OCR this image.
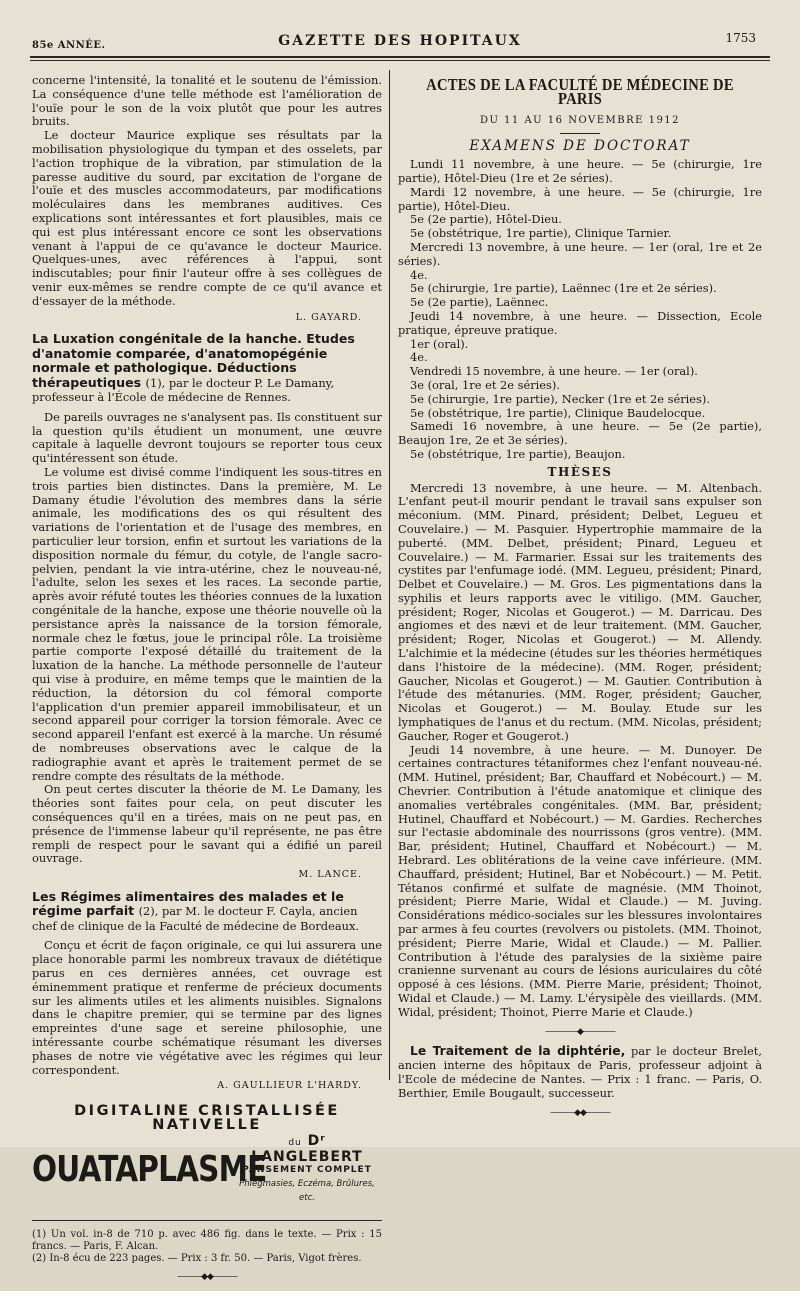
85e ANNÉE.	GAZETTE DES HOPITAUX	1753

concerne l'intensité, la tonalité et le soutenu de l'émission. La conséquence d'une telle méthode est l'amélioration de l'ouïe pour le son de la voix plutôt que pour les autres bruits.

Le docteur Maurice explique ses résultats par la mobilisation physiologique du tympan et des osselets, par l'action trophique de la vibration, par stimulation de la paresse auditive du sourd, par excitation de l'organe de l'ouïe et des muscles accommodateurs, par modifications moléculaires dans les membranes auditives. Ces explications sont intéressantes et fort plausibles, mais ce qui est plus intéressant encore ce sont les observations venant à l'appui de ce qu'avance le docteur Maurice. Quelques-unes, avec références à l'appui, sont indiscutables; pour finir l'auteur offre à ses collègues de venir eux-mêmes se rendre compte de ce qu'il avance et d'essayer de la méthode.

L. GAYARD.
La Luxation congénitale de la hanche. Etudes d'anatomie comparée, d'anatomopégénie normale et pathologique. Déductions thérapeutiques (1), par le docteur P. Le Damany, professeur à l'École de médecine de Rennes.

De pareils ouvrages ne s'analysent pas. Ils constituent sur la question qu'ils étudient un monument, une œuvre capitale à laquelle devront toujours se reporter tous ceux qu'intéressent son étude.

Le volume est divisé comme l'indiquent les sous-titres en trois parties bien distinctes. Dans la première, M. Le Damany étudie l'évolution des membres dans la série animale, les modifications des os qui résultent des variations de l'orientation et de l'usage des membres, en particulier leur torsion, enfin et surtout les variations de la disposition normale du fémur, du cotyle, de l'angle sacro-pelvien, pendant la vie intra-utérine, chez le nouveau-né, l'adulte, selon les sexes et les races. La seconde partie, après avoir réfuté toutes les théories connues de la luxation congénitale de la hanche, expose une théorie nouvelle où la persistance après la naissance de la torsion fémorale, normale chez le fœtus, joue le principal rôle. La troisième partie comporte l'exposé détaillé du traitement de la luxation de la hanche. La méthode personnelle de l'auteur qui vise à produire, en même temps que le maintien de la réduction, la détorsion du col fémoral comporte l'application d'un premier appareil immobilisateur, et un second appareil pour corriger la torsion fémorale. Avec ce second appareil l'enfant est exercé à la marche. Un résumé de nombreuses observations avec le calque de la radiographie avant et après le traitement permet de se rendre compte des résultats de la méthode.

On peut certes discuter la théorie de M. Le Damany, les théories sont faites pour cela, on peut discuter les conséquences qu'il en a tirées, mais on ne peut pas, en présence de l'immense labeur qu'il représente, ne pas être rempli de respect pour le savant qui a édifié un pareil ouvrage.

M. LANCE.
Les Régimes alimentaires des malades et le régime parfait (2), par M. le docteur F. Cayla, ancien chef de clinique de la Faculté de médecine de Bordeaux.

Conçu et écrit de façon originale, ce qui lui assurera une place honorable parmi les nombreux travaux de diététique parus en ces dernières années, cet ouvrage est éminemment pratique et renferme de précieux documents sur les aliments utiles et les aliments nuisibles. Signalons dans le chapitre premier, qui se termine par des lignes empreintes d'une sage et sereine philosophie, une intéressante courbe schématique résumant les diverses phases de notre vie végétative avec les régimes qui leur correspondent.

A. GAULLIEUR L'HARDY.
DIGITALINE CRISTALLISÉE NATIVELLE
OUATAPLASME
du Dʳ LANGLEBERT
PANSEMENT COMPLET
Phlegmasies, Eczéma, Brûlures, etc.

(1) Un vol. in-8 de 710 p. avec 486 fig. dans le texte. — Prix : 15 francs. — Paris, F. Alcan.

(2) In-8 écu de 223 pages. — Prix : 3 fr. 50. — Paris, Vigot frères.

———◆◆———
ACTES DE LA FACULTÉ DE MÉDECINE DE PARIS
DU 11 AU 16 NOVEMBRE 1912
EXAMENS DE DOCTORAT

Lundi 11 novembre, à une heure. — 5e (chirurgie, 1re partie), Hôtel-Dieu (1re et 2e séries).

Mardi 12 novembre, à une heure. — 5e (chirurgie, 1re partie), Hôtel-Dieu.

5e (2e partie), Hôtel-Dieu.

5e (obstétrique, 1re partie), Clinique Tarnier.

Mercredi 13 novembre, à une heure. — 1er (oral, 1re et 2e séries).

4e.

5e (chirurgie, 1re partie), Laënnec (1re et 2e séries).

5e (2e partie), Laënnec.

Jeudi 14 novembre, à une heure. — Dissection, Ecole pratique, épreuve pratique.

1er (oral).

4e.

Vendredi 15 novembre, à une heure. — 1er (oral).

3e (oral, 1re et 2e séries).

5e (chirurgie, 1re partie), Necker (1re et 2e séries).

5e (obstétrique, 1re partie), Clinique Baudelocque.

Samedi 16 novembre, à une heure. — 5e (2e partie), Beaujon 1re, 2e et 3e séries).

5e (obstétrique, 1re partie), Beaujon.

THÈSES

Mercredi 13 novembre, à une heure. — M. Altenbach. L'enfant peut-il mourir pendant le travail sans expulser son méconium. (MM. Pinard, président; Delbet, Legueu et Couvelaire.) — M. Pasquier. Hypertrophie mammaire de la puberté. (MM. Delbet, président; Pinard, Legueu et Couvelaire.) — M. Farmarier. Essai sur les traitements des cystites par l'enfumage iodé. (MM. Legueu, président; Pinard, Delbet et Couvelaire.) — M. Gros. Les pigmentations dans la syphilis et leurs rapports avec le vitiligo. (MM. Gaucher, président; Roger, Nicolas et Gougerot.) — M. Darricau. Des angiomes et des nævi et de leur traitement. (MM. Gaucher, président; Roger, Nicolas et Gougerot.) — M. Allendy. L'alchimie et la médecine (études sur les théories hermétiques dans l'histoire de la médecine). (MM. Roger, président; Gaucher, Nicolas et Gougerot.) — M. Gautier. Contribution à l'étude des métanuries. (MM. Roger, président; Gaucher, Nicolas et Gougerot.) — M. Boulay. Etude sur les lymphatiques de l'anus et du rectum. (MM. Nicolas, président; Gaucher, Roger et Gougerot.)

Jeudi 14 novembre, à une heure. — M. Dunoyer. De certaines contractures tétaniformes chez l'enfant nouveau-né. (MM. Hutinel, président; Bar, Chauffard et Nobécourt.) — M. Chevrier. Contribution à l'étude anatomique et clinique des anomalies vertébrales congénitales. (MM. Bar, président; Hutinel, Chauffard et Nobécourt.) — M. Gardies. Recherches sur l'ectasie abdominale des nourrissons (gros ventre). (MM. Bar, président; Hutinel, Chauffard et Nobécourt.) — M. Hebrard. Les oblitérations de la veine cave inférieure. (MM. Chauffard, président; Hutinel, Bar et Nobécourt.) — M. Petit. Tétanos confirmé et sulfate de magnésie. (MM Thoinot, président; Pierre Marie, Widal et Claude.) — M. Juving. Considérations médico-sociales sur les blessures involontaires par armes à feu courtes (revolvers ou pistolets. (MM. Thoinot, président; Pierre Marie, Widal et Claude.) — M. Pallier. Contribution à l'étude des paralysies de la sixième paire cranienne survenant au cours de lésions auriculaires du côté opposé à ces lésions. (MM. Pierre Marie, président; Thoinot, Widal et Claude.) — M. Lamy. L'érysipèle des vieillards. (MM. Widal, président; Thoinot, Pierre Marie et Claude.)

————◆————

Le Traitement de la diphtérie, par le docteur Brelet, ancien interne des hôpitaux de Paris, professeur adjoint à l'Ecole de médecine de Nantes. — Prix : 1 franc. — Paris, O. Berthier, Emile Bougault, successeur.

———◆◆———
